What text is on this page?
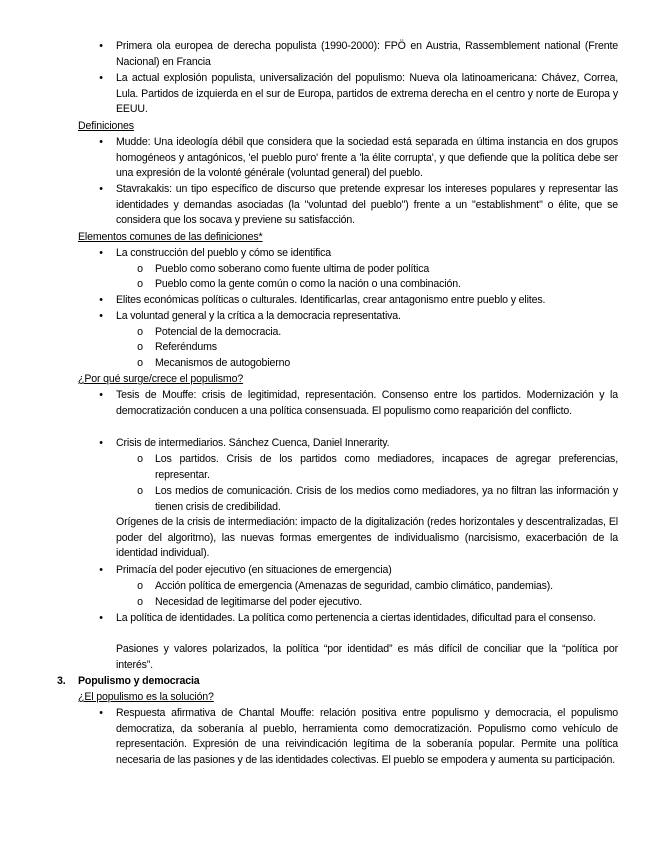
•	Primera ola europea de derecha populista (1990-2000): FPÖ en Austria, Rassemblement national (Frente Nacional) en Francia
•	La actual explosión populista, universalización del populismo: Nueva ola latinoamericana: Chávez, Correa, Lula. Partidos de izquierda en el sur de Europa, partidos de extrema derecha en el centro y norte de Europa y EEUU.
Definiciones
•	Mudde: Una ideología débil que considera que la sociedad está separada en última instancia en dos grupos homogéneos y antagónicos, 'el pueblo puro' frente a 'la élite corrupta', y que defiende que la política debe ser una expresión de la volonté générale (voluntad general) del pueblo.
•	Stavrakakis: un tipo específico de discurso que pretende expresar los intereses populares y representar las identidades y demandas asociadas (la "voluntad del pueblo") frente a un "establishment" o élite, que se considera que los socava y previene su satisfacción.
Elementos comunes de las definiciones*
•	La construcción del pueblo y cómo se identifica
o Pueblo como soberano como fuente ultima de poder política
o Pueblo como la gente común o como la nación o una combinación.
•	Elites económicas políticas o culturales. Identificarlas, crear antagonismo entre pueblo y elites.
•	La voluntad general y la crítica a la democracia representativa.
o Potencial de la democracia.
o Referéndums
o Mecanismos de autogobierno
¿Por qué surge/crece el populismo?
•	Tesis de Mouffe: crisis de legitimidad, representación. Consenso entre los partidos. Modernización y la democratización conducen a una política consensuada. El populismo como reaparición del conflicto.
•	Crisis de intermediarios. Sánchez Cuenca, Daniel Innerarity.
o Los partidos. Crisis de los partidos como mediadores, incapaces de agregar preferencias, representar.
o Los medios de comunicación. Crisis de los medios como mediadores, ya no filtran las información y tienen crisis de credibilidad.
Orígenes de la crisis de intermediación: impacto de la digitalización (redes horizontales y descentralizadas, El poder del algoritmo), las nuevas formas emergentes de individualismo (narcisismo, exacerbación de la identidad individual).
•	Primacía del poder ejecutivo (en situaciones de emergencia)
o Acción política de emergencia (Amenazas de seguridad, cambio climático, pandemias).
o Necesidad de legitimarse del poder ejecutivo.
•	La política de identidades. La política como pertenencia a ciertas identidades, dificultad para el consenso.
Pasiones y valores polarizados, la política “por identidad” es más difícil de conciliar que la “política por interés”.
3. Populismo y democracia
¿El populismo es la solución?
•	Respuesta afirmativa de Chantal Mouffe: relación positiva entre populismo y democracia, el populismo democratiza, da soberanía al pueblo, herramienta como democratización. Populismo como vehículo de representación. Expresión de una reivindicación legítima de la soberanía popular. Permite una política necesaria de las pasiones y de las identidades colectivas. El pueblo se empodera y aumenta su participación.
